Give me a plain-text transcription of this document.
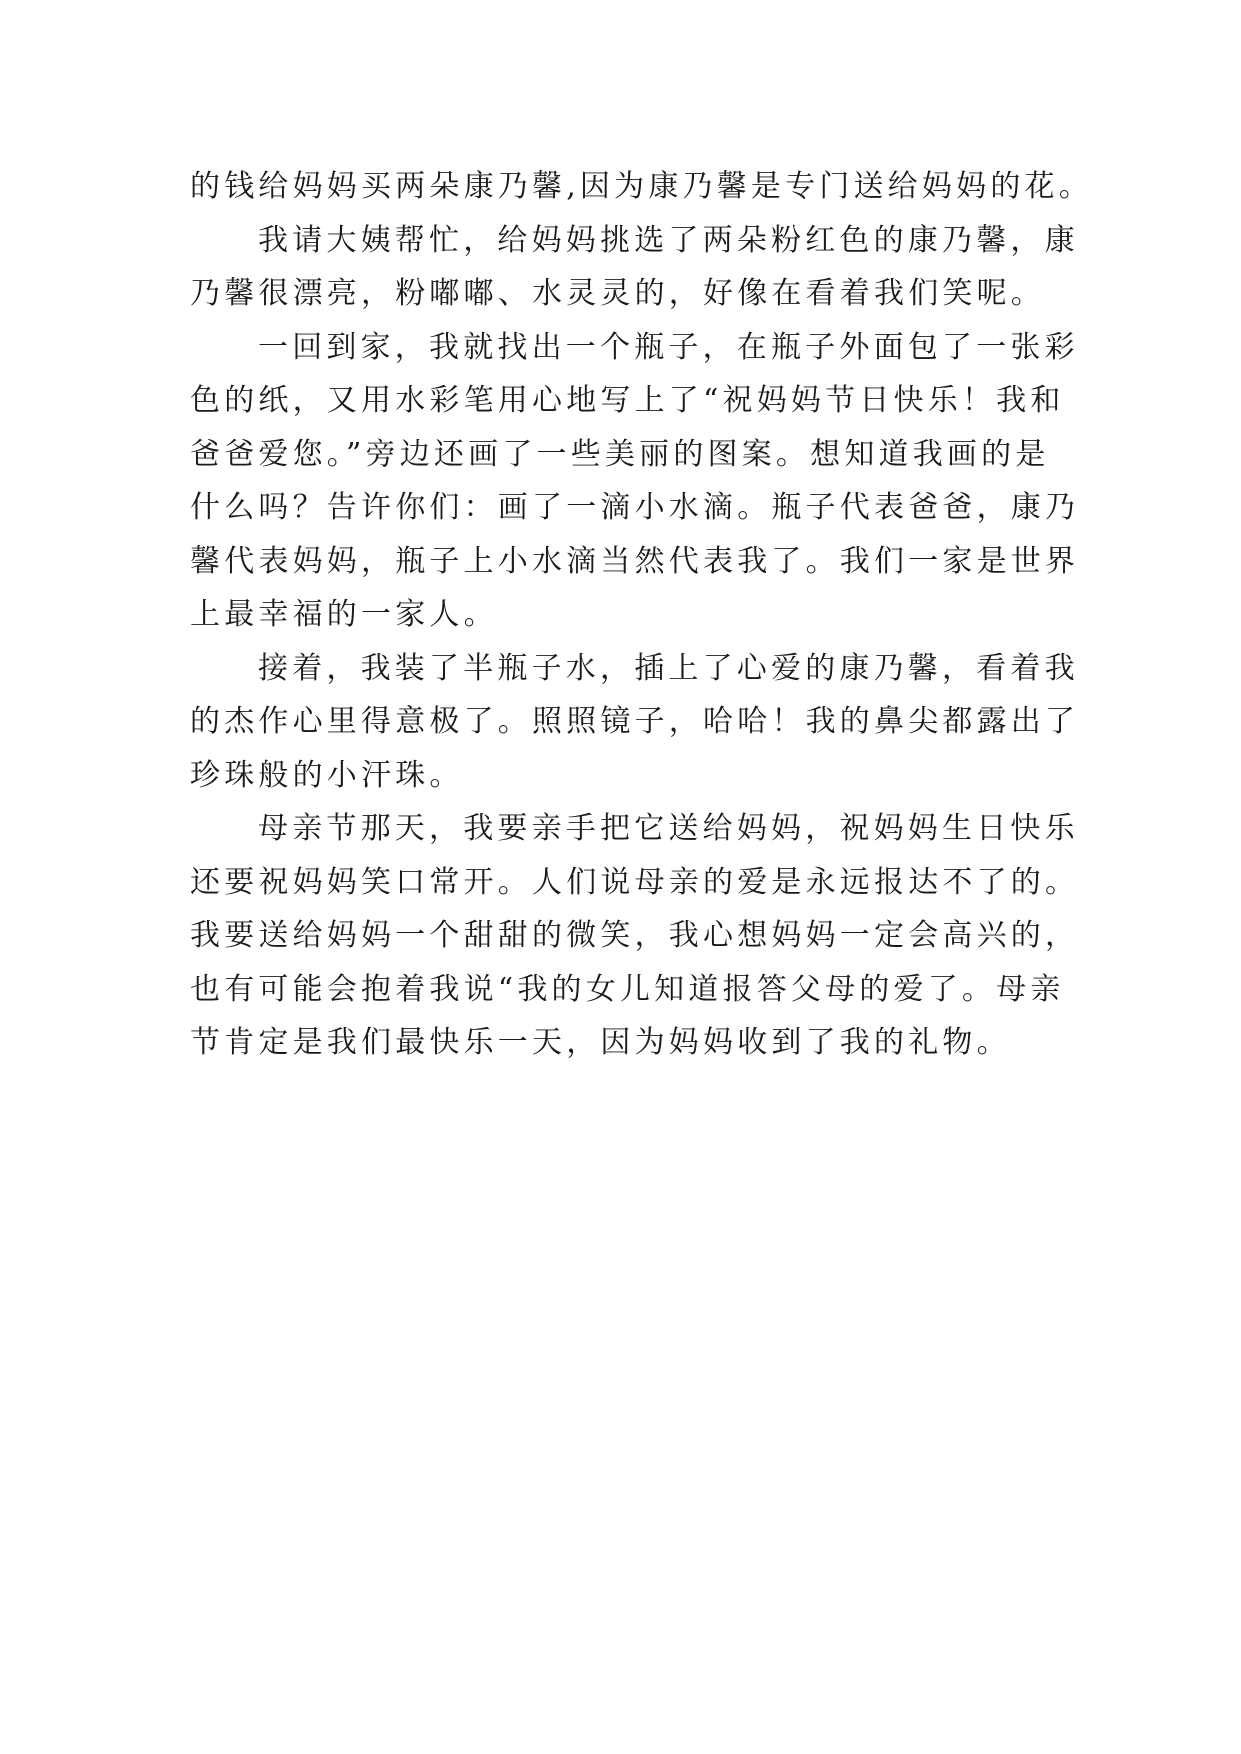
的钱给妈妈买两朵康乃馨,因为康乃馨是专门送给妈妈的花。
我请大姨帮忙，给妈妈挑选了两朵粉红色的康乃馨，康
乃馨很漂亮，粉嘟嘟、水灵灵的，好像在看着我们笑呢。
一回到家，我就找出一个瓶子，在瓶子外面包了一张彩
色的纸，又用水彩笔用心地写上了“祝妈妈节日快乐！我和
爸爸爱您。”旁边还画了一些美丽的图案。想知道我画的是
什么吗？告许你们：画了一滴小水滴。瓶子代表爸爸，康乃
馨代表妈妈，瓶子上小水滴当然代表我了。我们一家是世界
上最幸福的一家人。
接着，我装了半瓶子水，插上了心爱的康乃馨，看着我
的杰作心里得意极了。照照镜子，哈哈！我的鼻尖都露出了
珍珠般的小汗珠。
母亲节那天，我要亲手把它送给妈妈，祝妈妈生日快乐
还要祝妈妈笑口常开。人们说母亲的爱是永远报达不了的。
我要送给妈妈一个甜甜的微笑，我心想妈妈一定会高兴的，
也有可能会抱着我说“我的女儿知道报答父母的爱了。母亲
节肯定是我们最快乐一天，因为妈妈收到了我的礼物。
